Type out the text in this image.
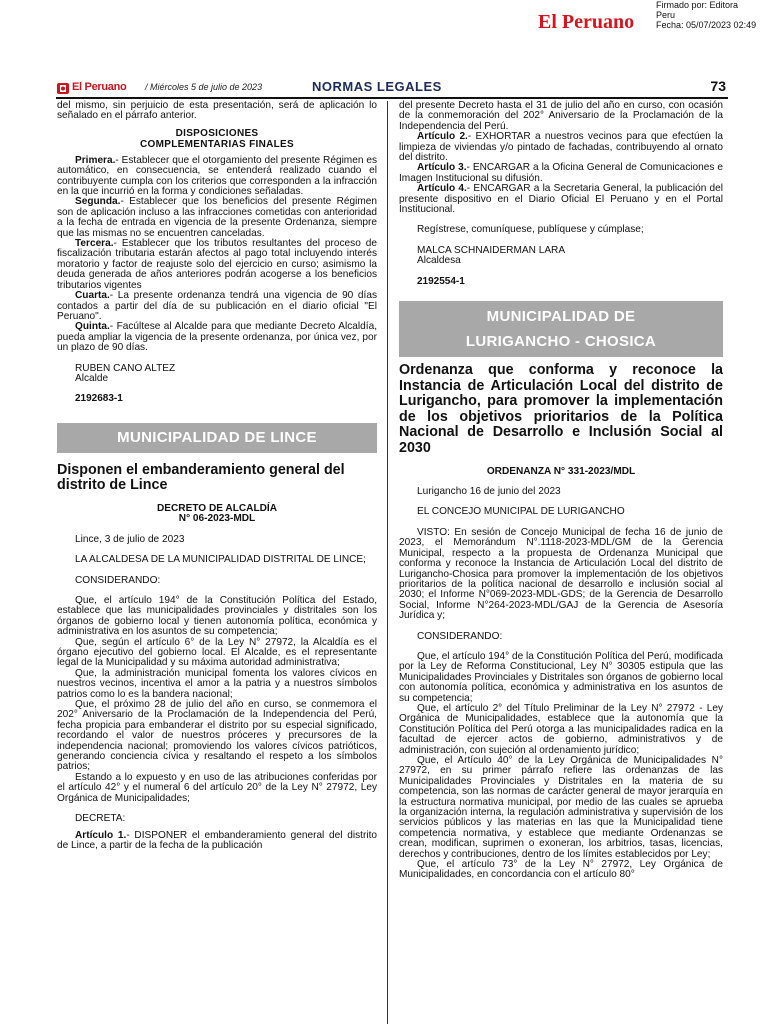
El Peruano
Firmado por: Editora
Peru
Fecha: 05/07/2023 02:49
El Peruano / Miércoles 5 de julio de 2023	NORMAS LEGALES	73

del mismo, sin perjuicio de esta presentación, será de aplicación lo señalado en el párrafo anterior.

DISPOSICIONES
COMPLEMENTARIAS FINALES

Primera.- Establecer que el otorgamiento del presente Régimen es automático, en consecuencia, se entenderá realizado cuando el contribuyente cumpla con los criterios que corresponden a la infracción en la que incurrió en la forma y condiciones señaladas.

Segunda.- Establecer que los beneficios del presente Régimen son de aplicación incluso a las infracciones cometidas con anterioridad a la fecha de entrada en vigencia de la presente Ordenanza, siempre que las mismas no se encuentren canceladas.

Tercera.- Establecer que los tributos resultantes del proceso de fiscalización tributaria estarán afectos al pago total incluyendo interés moratorio y factor de reajuste solo del ejercicio en curso; asimismo la deuda generada de años anteriores podrán acogerse a los beneficios tributarios vigentes

Cuarta.- La presente ordenanza tendrá una vigencia de 90 días contados a partir del día de su publicación en el diario oficial "El Peruano".

Quinta.- Facúltese al Alcalde para que mediante Decreto Alcaldía, pueda ampliar la vigencia de la presente ordenanza, por única vez, por un plazo de 90 días.

RUBEN CANO ALTEZ
Alcalde
2192683-1
MUNICIPALIDAD DE LINCE
Disponen el embanderamiento general del distrito de Lince
DECRETO DE ALCALDÍA
N° 06-2023-MDL

Lince, 3 de julio de 2023

LA ALCALDESA DE LA MUNICIPALIDAD DISTRITAL DE LINCE;

CONSIDERANDO:

Que, el artículo 194° de la Constitución Política del Estado, establece que las municipalidades provinciales y distritales son los órganos de gobierno local y tienen autonomía política, económica y administrativa en los asuntos de su competencia;

Que, según el artículo 6° de la Ley N° 27972, la Alcaldía es el órgano ejecutivo del gobierno local. El Alcalde, es el representante legal de la Municipalidad y su máxima autoridad administrativa;

Que, la administración municipal fomenta los valores cívicos en nuestros vecinos, incentiva el amor a la patria y a nuestros símbolos patrios como lo es la bandera nacional;

Que, el próximo 28 de julio del año en curso, se conmemora el 202° Aniversario de la Proclamación de la Independencia del Perú, fecha propicia para embanderar el distrito por su especial significado, recordando el valor de nuestros próceres y precursores de la independencia nacional; promoviendo los valores cívicos patrióticos, generando conciencia cívica y resaltando el respeto a los símbolos patrios;

Estando a lo expuesto y en uso de las atribuciones conferidas por el artículo 42° y el numeral 6 del artículo 20° de la Ley N° 27972, Ley Orgánica de Municipalidades;

DECRETA:

Artículo 1.- DISPONER el embanderamiento general del distrito de Lince, a partir de la fecha de la publicación

del presente Decreto hasta el 31 de julio del año en curso, con ocasión de la conmemoración del 202° Aniversario de la Proclamación de la Independencia del Perú.

Artículo 2.- EXHORTAR a nuestros vecinos para que efectúen la limpieza de viviendas y/o pintado de fachadas, contribuyendo al ornato del distrito.

Artículo 3.- ENCARGAR a la Oficina General de Comunicaciones e Imagen Institucional su difusión.

Artículo 4.- ENCARGAR a la Secretaria General, la publicación del presente dispositivo en el Diario Oficial El Peruano y en el Portal Institucional.

Regístrese, comuníquese, publíquese y cúmplase;

MALCA SCHNAIDERMAN LARA
Alcaldesa
2192554-1
MUNICIPALIDAD DE
LURIGANCHO - CHOSICA
Ordenanza que conforma y reconoce la Instancia de Articulación Local del distrito de Lurigancho, para promover la implementación de los objetivos prioritarios de la Política Nacional de Desarrollo e Inclusión Social al 2030
ORDENANZA N° 331-2023/MDL

Lurigancho 16 de junio del 2023

EL CONCEJO MUNICIPAL DE LURIGANCHO

VISTO: En sesión de Concejo Municipal de fecha 16 de junio de 2023, el Memorándum N°.1118-2023-MDL/GM de la Gerencia Municipal, respecto a la propuesta de Ordenanza Municipal que conforma y reconoce la Instancia de Articulación Local del distrito de Lurigancho-Chosica para promover la implementación de los objetivos prioritarios de la política nacional de desarrollo e inclusión social al 2030; el Informe N°069-2023-MDL-GDS; de la Gerencia de Desarrollo Social, Informe N°264-2023-MDL/GAJ de la Gerencia de Asesoría Jurídica y;

CONSIDERANDO:

Que, el artículo 194° de la Constitución Política del Perú, modificada por la Ley de Reforma Constitucional, Ley N° 30305 estipula que las Municipalidades Provinciales y Distritales son órganos de gobierno local con autonomía política, económica y administrativa en los asuntos de su competencia;

Que, el artículo 2° del Título Preliminar de la Ley N° 27972 - Ley Orgánica de Municipalidades, establece que la autonomía que la Constitución Política del Perú otorga a las municipalidades radica en la facultad de ejercer actos de gobierno, administrativos y de administración, con sujeción al ordenamiento jurídico;

Que, el Artículo 40° de la Ley Orgánica de Municipalidades N° 27972, en su primer párrafo refiere las ordenanzas de las Municipalidades Provinciales y Distritales en la materia de su competencia, son las normas de carácter general de mayor jerarquía en la estructura normativa municipal, por medio de las cuales se aprueba la organización interna, la regulación administrativa y supervisión de los servicios públicos y las materias en las que la Municipalidad tiene competencia normativa, y establece que mediante Ordenanzas se crean, modifican, suprimen o exoneran, los arbitrios, tasas, licencias, derechos y contribuciones, dentro de los límites establecidos por Ley;

Que, el artículo 73° de la Ley N° 27972, Ley Orgánica de Municipalidades, en concordancia con el artículo 80°
